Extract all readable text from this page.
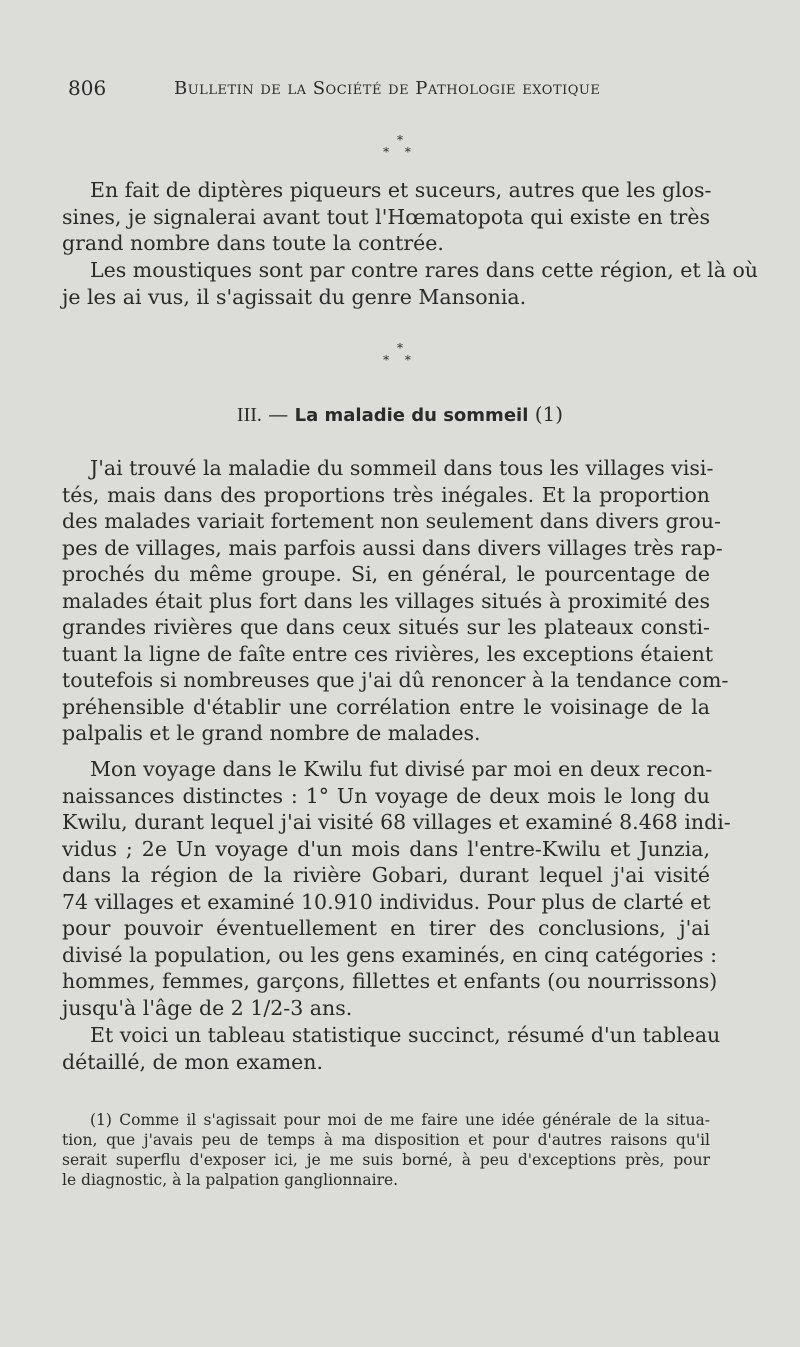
806	Bulletin de la Société de Pathologie exotique
*
* *
En fait de diptères piqueurs et suceurs, autres que les glos-
sines, je signalerai avant tout l'Hœmatopota qui existe en très
grand nombre dans toute la contrée.
Les moustiques sont par contre rares dans cette région, et là où
je les ai vus, il s'agissait du genre Mansonia.
*
* *
III. — La maladie du sommeil (1)
J'ai trouvé la maladie du sommeil dans tous les villages visi-
tés, mais dans des proportions très inégales. Et la proportion
des malades variait fortement non seulement dans divers grou-
pes de villages, mais parfois aussi dans divers villages très rap-
prochés du même groupe. Si, en général, le pourcentage de
malades était plus fort dans les villages situés à proximité des
grandes rivières que dans ceux situés sur les plateaux consti-
tuant la ligne de faîte entre ces rivières, les exceptions étaient
toutefois si nombreuses que j'ai dû renoncer à la tendance com-
préhensible d'établir une corrélation entre le voisinage de la
palpalis et le grand nombre de malades.
Mon voyage dans le Kwilu fut divisé par moi en deux recon-
naissances distinctes : 1° Un voyage de deux mois le long du
Kwilu, durant lequel j'ai visité 68 villages et examiné 8.468 indi-
vidus ; 2e Un voyage d'un mois dans l'entre-Kwilu et Junzia,
dans la région de la rivière Gobari, durant lequel j'ai visité
74 villages et examiné 10.910 individus. Pour plus de clarté et
pour pouvoir éventuellement en tirer des conclusions, j'ai
divisé la population, ou les gens examinés, en cinq catégories :
hommes, femmes, garçons, fillettes et enfants (ou nourrissons)
jusqu'à l'âge de 2 1/2-3 ans.
Et voici un tableau statistique succinct, résumé d'un tableau
détaillé, de mon examen.
(1) Comme il s'agissait pour moi de me faire une idée générale de la situa-
tion, que j'avais peu de temps à ma disposition et pour d'autres raisons qu'il
serait superflu d'exposer ici, je me suis borné, à peu d'exceptions près, pour
le diagnostic, à la palpation ganglionnaire.
